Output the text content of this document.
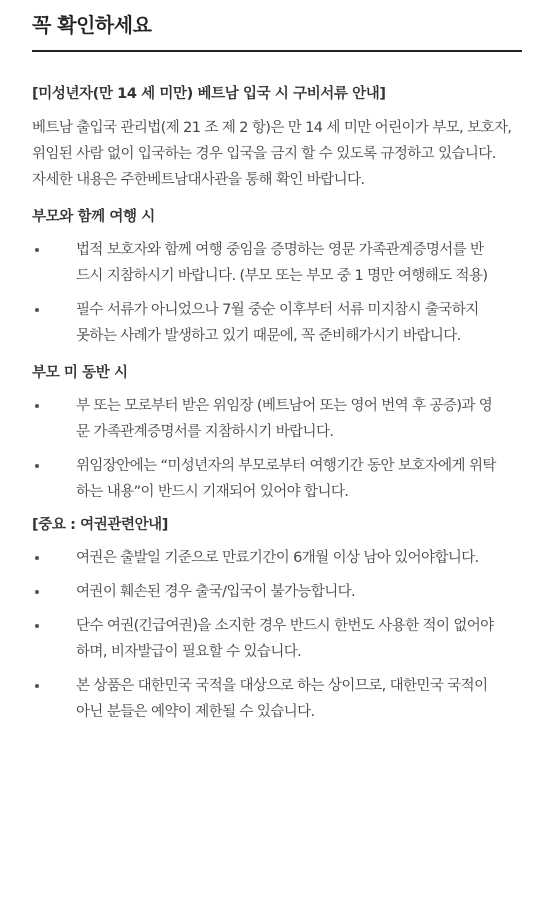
꼭 확인하세요
[미성년자(만 14 세 미만) 베트남 입국 시 구비서류 안내]
베트남 출입국 관리법(제 21 조 제 2 항)은 만 14 세 미만 어린이가 부모, 보호자, 위임된 사람 없이 입국하는 경우 입국을 금지 할 수 있도록 규정하고 있습니다. 자세한 내용은 주한베트남대사관을 통해 확인 바랍니다.
부모와 함께 여행 시
법적 보호자와 함께 여행 중임을 증명하는 영문 가족관계증명서를 반드시 지참하시기 바랍니다. (부모 또는 부모 중 1 명만 여행해도 적용)
필수 서류가 아니었으나 7월 중순 이후부터 서류 미지참시 출국하지 못하는 사례가 발생하고 있기 때문에, 꼭 준비해가시기 바랍니다.
부모 미 동반 시
부 또는 모로부터 받은 위임장 (베트남어 또는 영어 번역 후 공증)과 영문 가족관계증명서를 지참하시기 바랍니다.
위임장안에는 “미성년자의 부모로부터 여행기간 동안 보호자에게 위탁하는 내용”이 반드시 기재되어 있어야 합니다.
[중요 : 여권관련안내]
여권은 출발일 기준으로 만료기간이 6개월 이상 남아 있어야합니다.
여권이 훼손된 경우 출국/입국이 불가능합니다.
단수 여권(긴급여권)을 소지한 경우 반드시 한번도 사용한 적이 없어야 하며, 비자발급이 필요할 수 있습니다.
본 상품은 대한민국 국적을 대상으로 하는 상이므로, 대한민국 국적이 아닌 분들은 예약이 제한될 수 있습니다.
